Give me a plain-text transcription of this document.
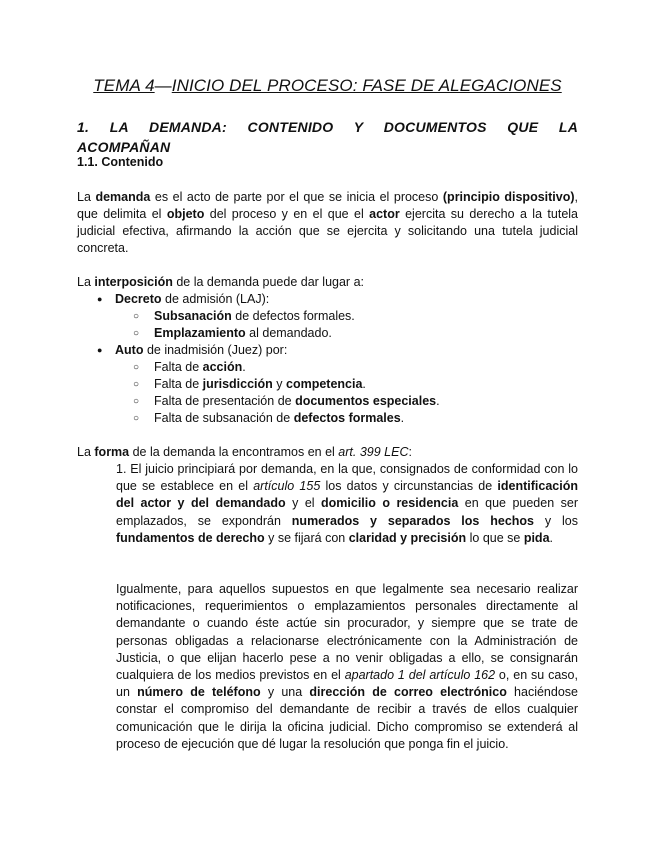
TEMA 4—INICIO DEL PROCESO: FASE DE ALEGACIONES
1. LA DEMANDA: CONTENIDO Y DOCUMENTOS QUE LA ACOMPAÑAN
1.1. Contenido
La demanda es el acto de parte por el que se inicia el proceso (principio dispositivo), que delimita el objeto del proceso y en el que el actor ejercita su derecho a la tutela judicial efectiva, afirmando la acción que se ejercita y solicitando una tutela judicial concreta.
La interposición de la demanda puede dar lugar a:
● Decreto de admisión (LAJ):
○ Subsanación de defectos formales.
○ Emplazamiento al demandado.
● Auto de inadmisión (Juez) por:
○ Falta de acción.
○ Falta de jurisdicción y competencia.
○ Falta de presentación de documentos especiales.
○ Falta de subsanación de defectos formales.
La forma de la demanda la encontramos en el art. 399 LEC:
1. El juicio principiará por demanda, en la que, consignados de conformidad con lo que se establece en el artículo 155 los datos y circunstancias de identificación del actor y del demandado y el domicilio o residencia en que pueden ser emplazados, se expondrán numerados y separados los hechos y los fundamentos de derecho y se fijará con claridad y precisión lo que se pida.
Igualmente, para aquellos supuestos en que legalmente sea necesario realizar notificaciones, requerimientos o emplazamientos personales directamente al demandante o cuando éste actúe sin procurador, y siempre que se trate de personas obligadas a relacionarse electrónicamente con la Administración de Justicia, o que elijan hacerlo pese a no venir obligadas a ello, se consignarán cualquiera de los medios previstos en el apartado 1 del artículo 162 o, en su caso, un número de teléfono y una dirección de correo electrónico haciéndose constar el compromiso del demandante de recibir a través de ellos cualquier comunicación que le dirija la oficina judicial. Dicho compromiso se extenderá al proceso de ejecución que dé lugar la resolución que ponga fin el juicio.
